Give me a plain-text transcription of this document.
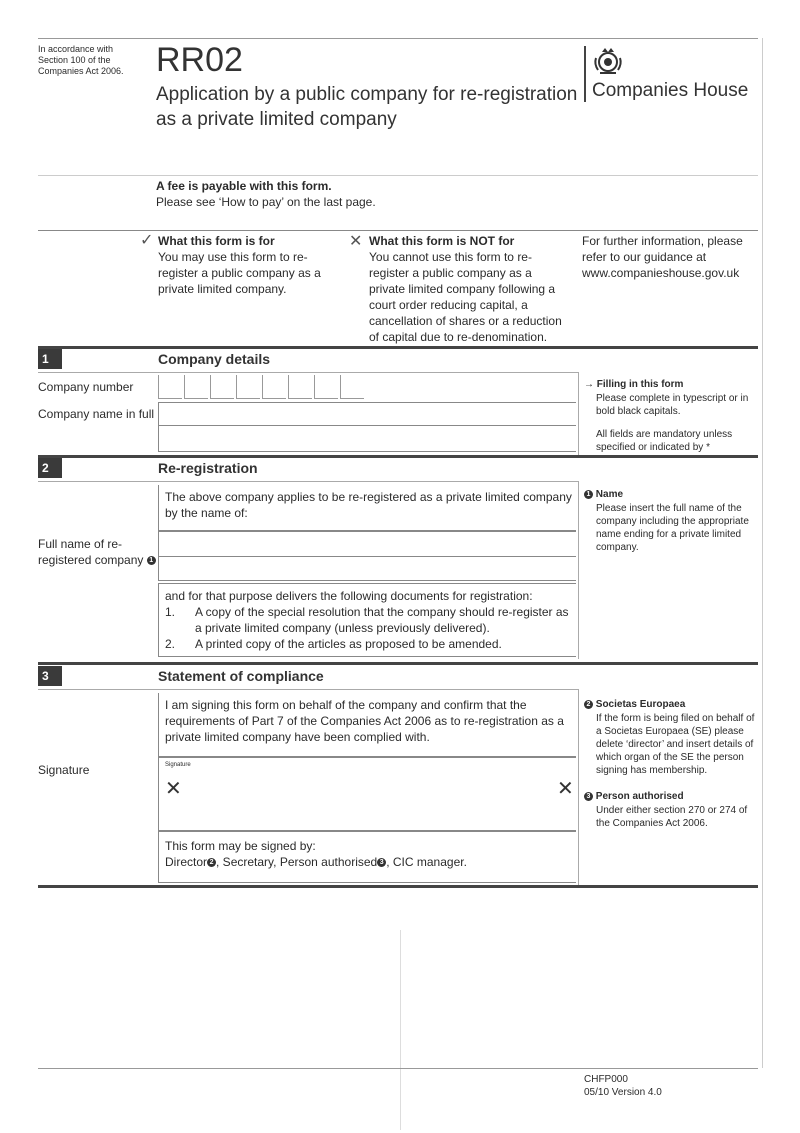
In accordance with Section 100 of the Companies Act 2006. RR02
Application by a public company for re-registration as a private limited company
Companies House
A fee is payable with this form.
Please see ‘How to pay’ on the last page.
✓ What this form is for
You may use this form to re-register a public company as a private limited company.
✕ What this form is NOT for
You cannot use this form to re-register a public company as a private limited company following a court order reducing capital, a cancellation of shares or a reduction of capital due to re-denomination.
For further information, please refer to our guidance at www.companieshouse.gov.uk
1	Company details
Company number
Company name in full
→ Filling in this form
Please complete in typescript or in bold black capitals.
All fields are mandatory unless specified or indicated by *
2	Re-registration
The above company applies to be re-registered as a private limited company by the name of:
Full name of re-registered company 1
and for that purpose delivers the following documents for registration:
1. A copy of the special resolution that the company should re-register as a private limited company (unless previously delivered).
2. A printed copy of the articles as proposed to be amended.
1 Name
Please insert the full name of the company including the appropriate name ending for a private limited company.
3	Statement of compliance
I am signing this form on behalf of the company and confirm that the requirements of Part 7 of the Companies Act 2006 as to re-registration as a private limited company have been complied with.
Signature	Signature
✕	✕
This form may be signed by:
Director 2 , Secretary, Person authorised 3 , CIC manager.
2 Societas Europaea
If the form is being filed on behalf of a Societas Europaea (SE) please delete ‘director’ and insert details of which organ of the SE the person signing has membership.
3 Person authorised
Under either section 270 or 274 of the Companies Act 2006.
CHFP000
05/10 Version 4.0
